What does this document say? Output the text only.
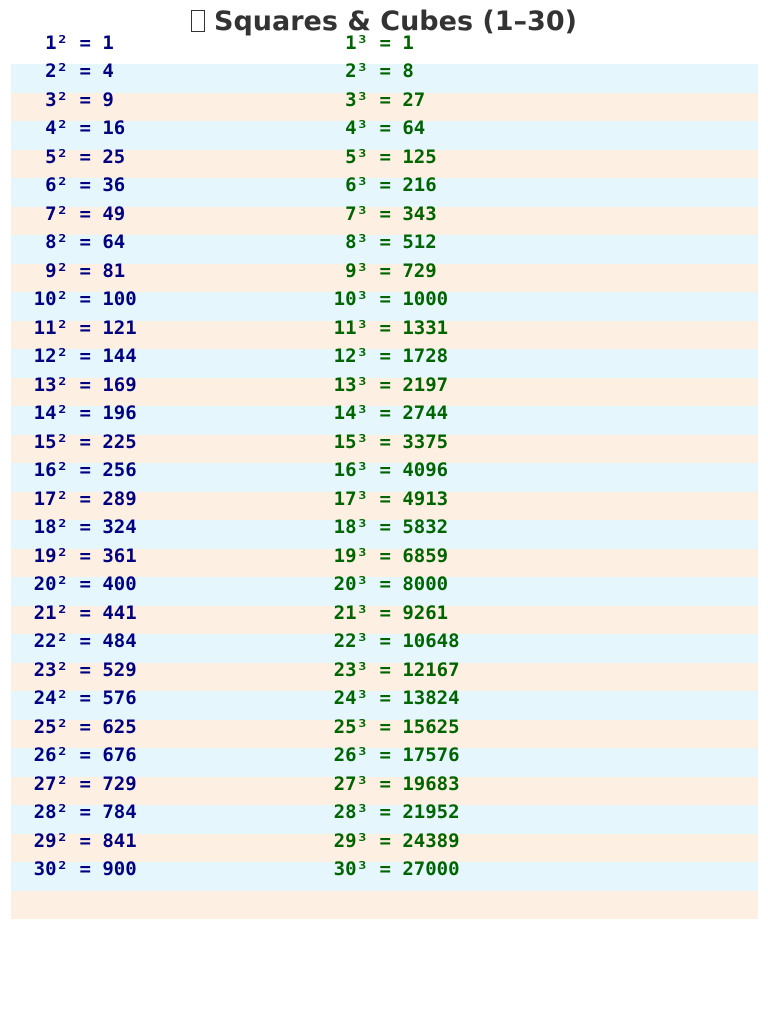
Squares & Cubes (1–30)
1² = 1	1³ = 1
2² = 4	2³ = 8
3² = 9	3³ = 27
4² = 16	4³ = 64
5² = 25	5³ = 125
6² = 36	6³ = 216
7² = 49	7³ = 343
8² = 64	8³ = 512
9² = 81	9³ = 729
10² = 100	10³ = 1000
11² = 121	11³ = 1331
12² = 144	12³ = 1728
13² = 169	13³ = 2197
14² = 196	14³ = 2744
15² = 225	15³ = 3375
16² = 256	16³ = 4096
17² = 289	17³ = 4913
18² = 324	18³ = 5832
19² = 361	19³ = 6859
20² = 400	20³ = 8000
21² = 441	21³ = 9261
22² = 484	22³ = 10648
23² = 529	23³ = 12167
24² = 576	24³ = 13824
25² = 625	25³ = 15625
26² = 676	26³ = 17576
27² = 729	27³ = 19683
28² = 784	28³ = 21952
29² = 841	29³ = 24389
30² = 900	30³ = 27000
